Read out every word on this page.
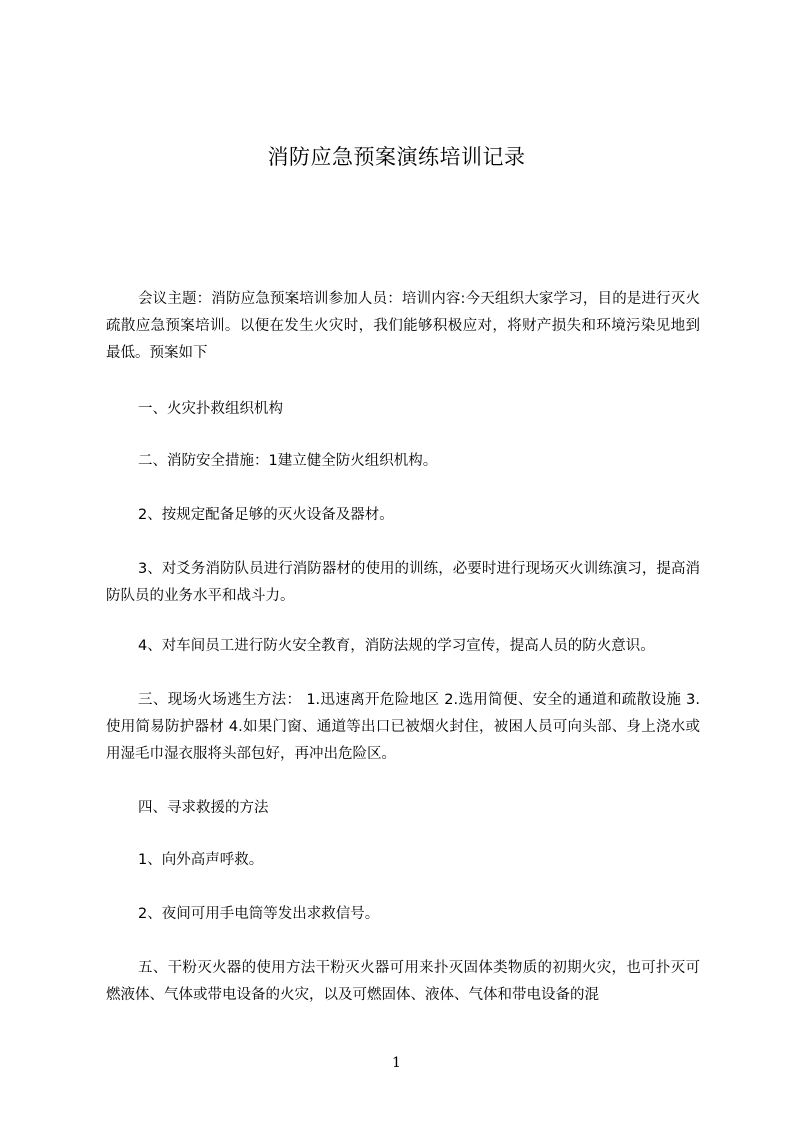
消防应急预案演练培训记录

会议主题：消防应急预案培训参加人员：培训内容:今天组织大家学习，目的是进行灭火疏散应急预案培训。以便在发生火灾时，我们能够积极应对，将财产损失和环境污染见地到最低。预案如下

一、火灾扑救组织机构

二、消防安全措施：1建立健全防火组织机构。

2、按规定配备足够的灭火设备及器材。

3、对爻务消防队员进行消防器材的使用的训练，必要时进行现场灭火训练演习，提高消防队员的业务水平和战斗力。

4、对车间员工进行防火安全教育，消防法规的学习宣传，提高人员的防火意识。

三、现场火场逃生方法： 1.迅速离开危险地区 2.选用简便、安全的通道和疏散设施 3.使用简易防护器材 4.如果门窗、通道等出口已被烟火封住，被困人员可向头部、身上浇水或用湿毛巾湿衣服将头部包好，再冲出危险区。

四、寻求救援的方法

1、向外高声呼救。

2、夜间可用手电筒等发出求救信号。

五、干粉灭火器的使用方法干粉灭火器可用来扑灭固体类物质的初期火灾，也可扑灭可燃液体、气体或带电设备的火灾，以及可燃固体、液体、气体和带电设备的混

1
